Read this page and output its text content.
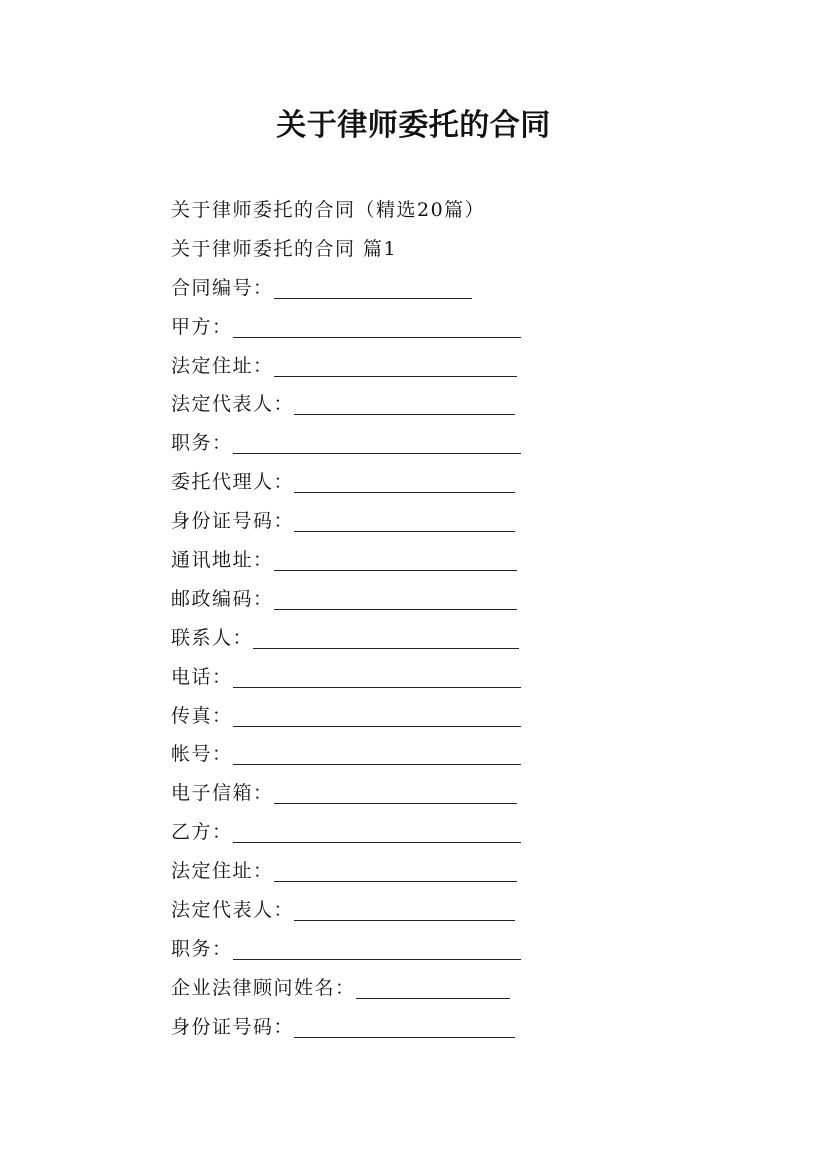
关于律师委托的合同
关于律师委托的合同（精选20篇）
关于律师委托的合同 篇1
合同编号：
甲方：
法定住址：
法定代表人：
职务：
委托代理人：
身份证号码：
通讯地址：
邮政编码：
联系人：
电话：
传真：
帐号：
电子信箱：
乙方：
法定住址：
法定代表人：
职务：
企业法律顾问姓名：
身份证号码：
